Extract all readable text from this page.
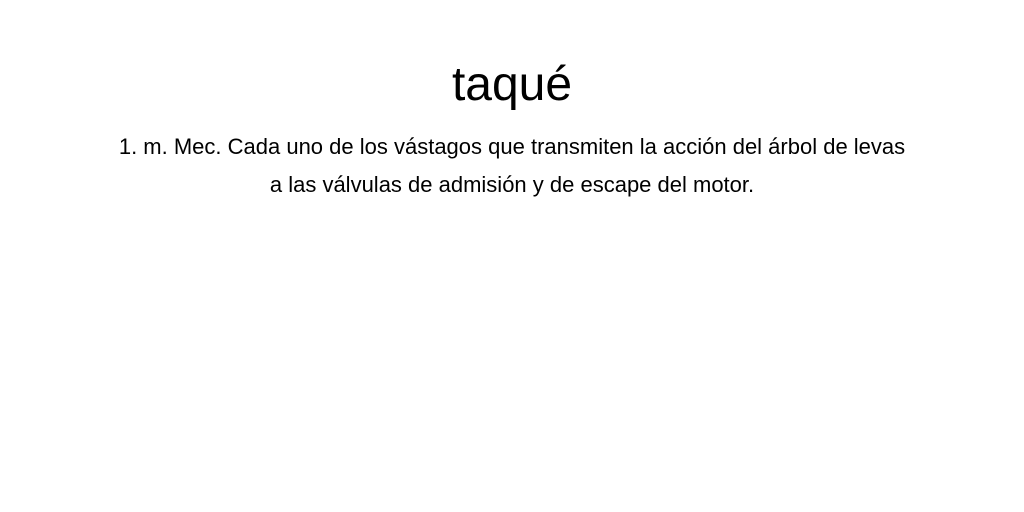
taqué
1. m. Mec. Cada uno de los vástagos que transmiten la acción del árbol de levas
a las válvulas de admisión y de escape del motor.
